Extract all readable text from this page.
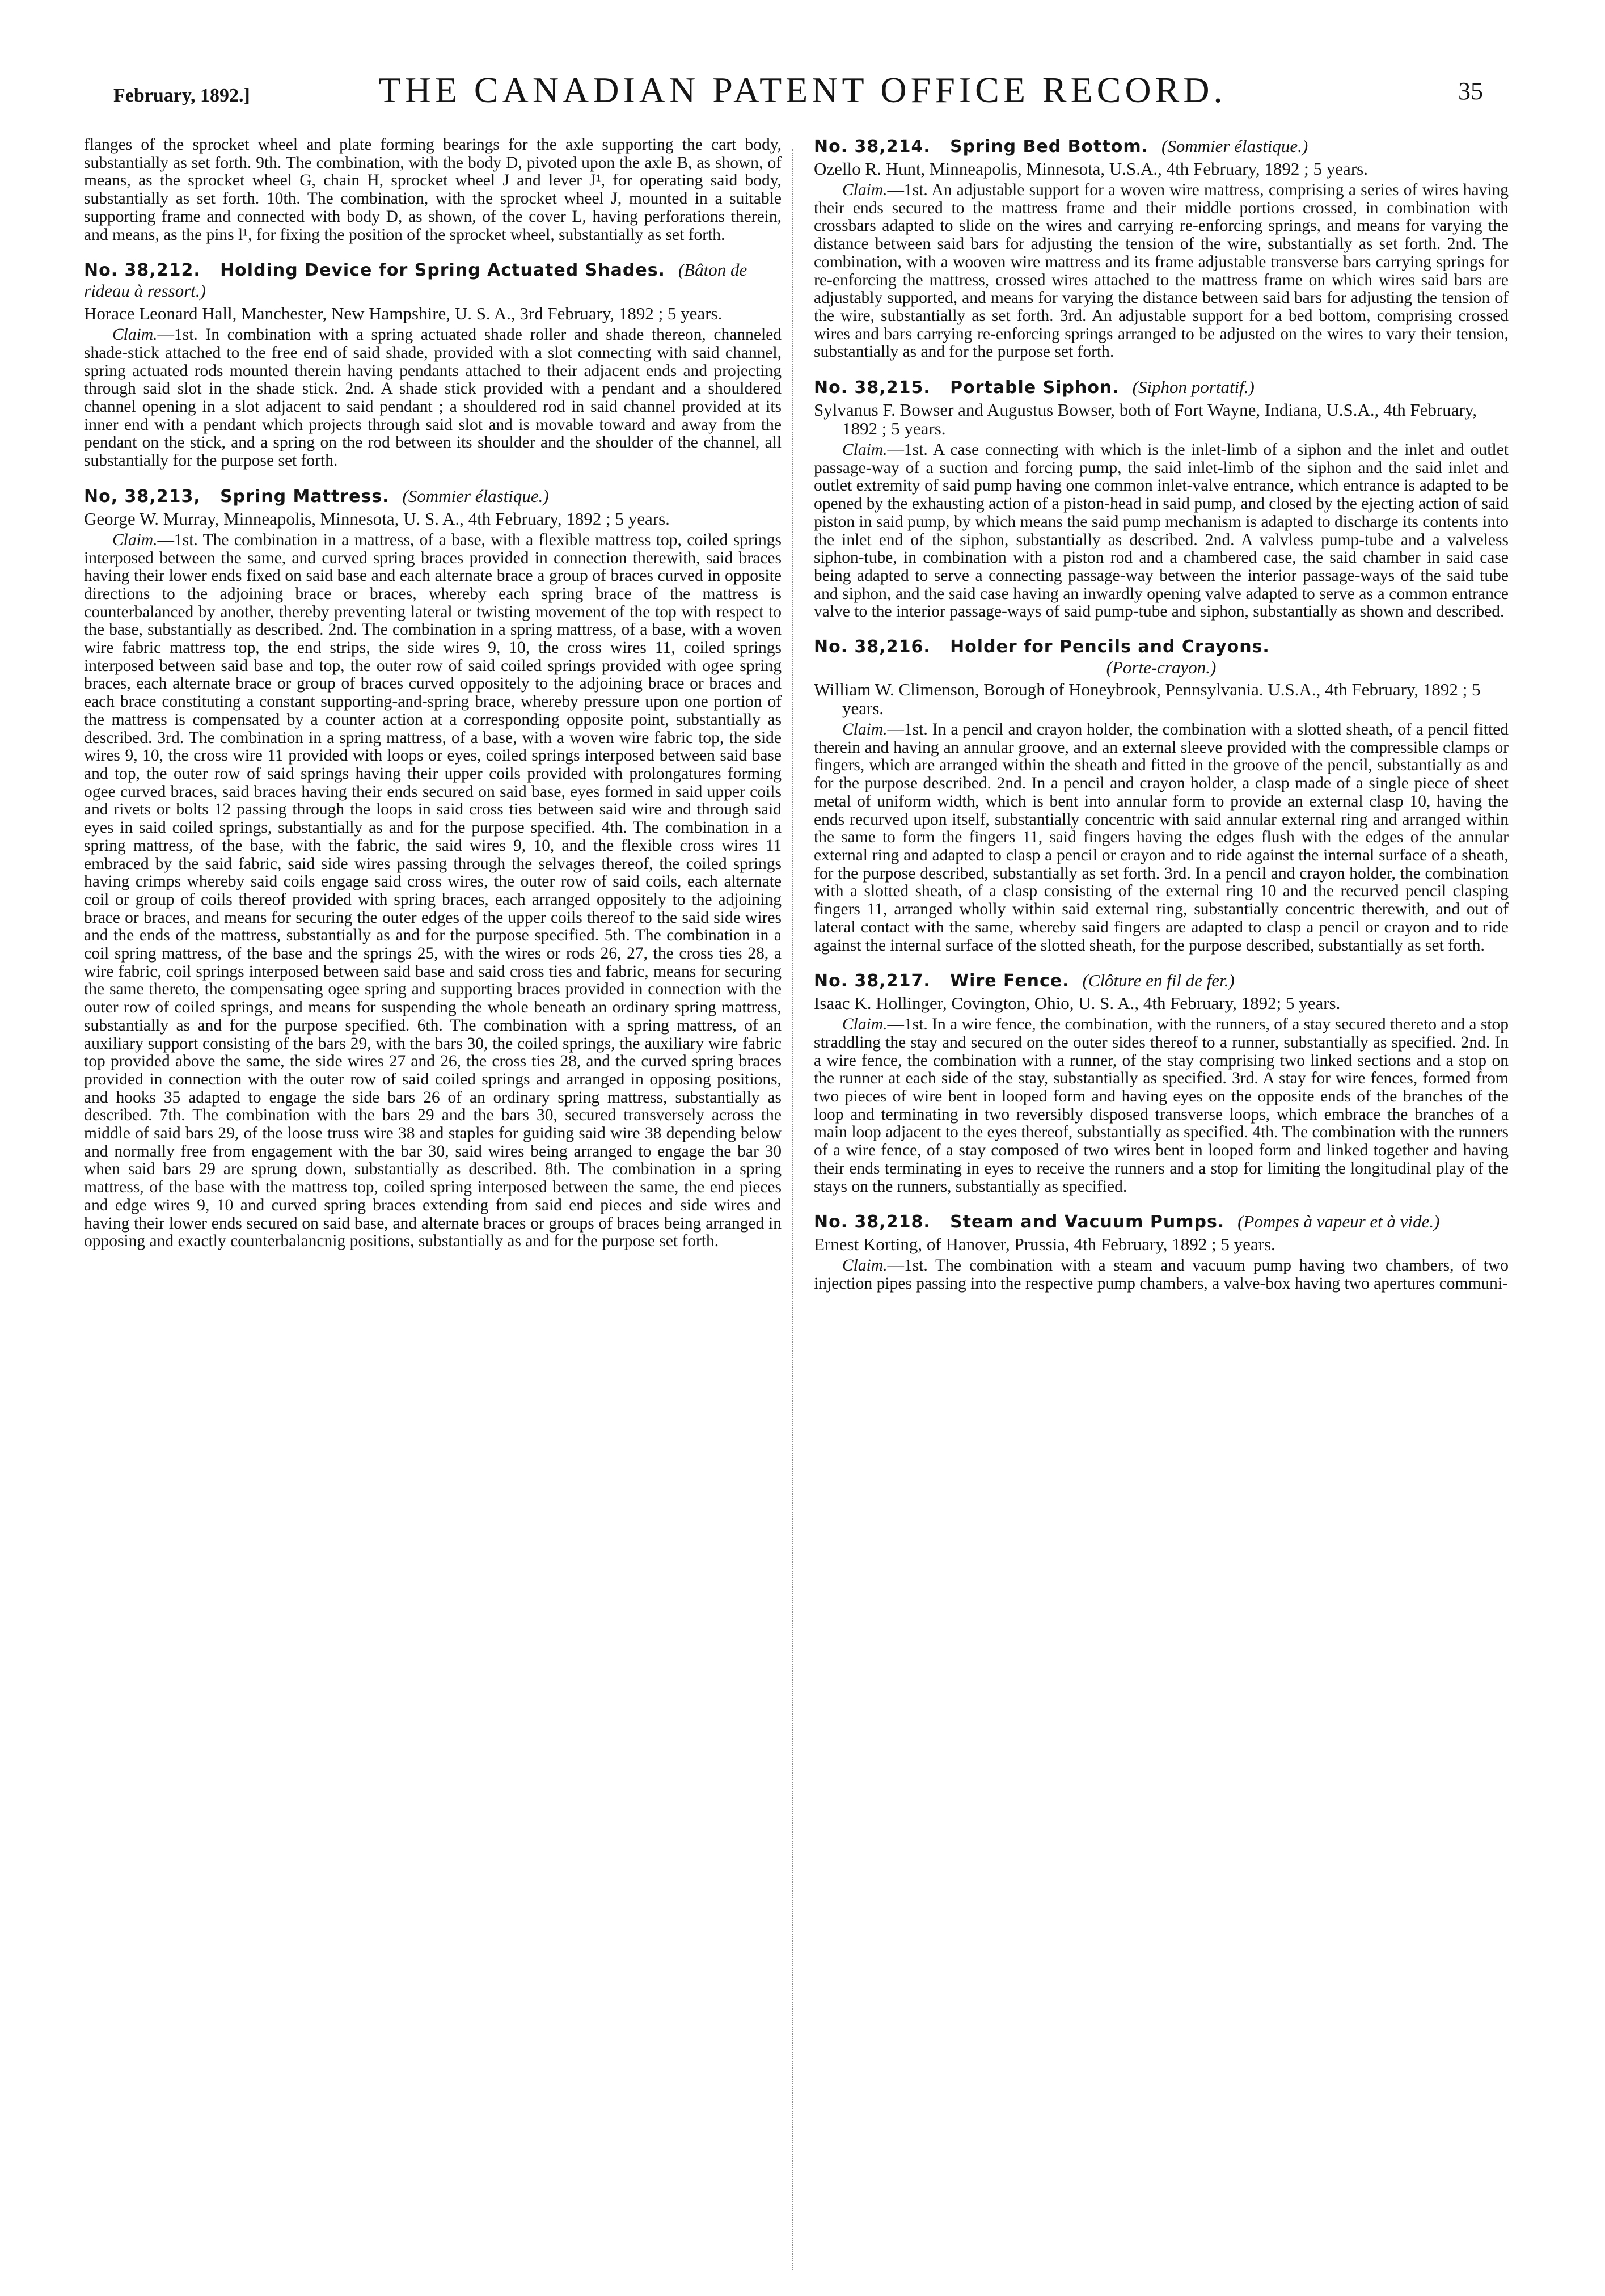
February, 1892.]	THE CANADIAN PATENT OFFICE RECORD.	35

flanges of the sprocket wheel and plate forming bearings for the axle supporting the cart body, substantially as set forth. 9th. The combination, with the body D, pivoted upon the axle B, as shown, of means, as the sprocket wheel G, chain H, sprocket wheel J and lever J¹, for operating said body, substantially as set forth. 10th. The combination, with the sprocket wheel J, mounted in a suitable supporting frame and connected with body D, as shown, of the cover L, having perforations therein, and means, as the pins l¹, for fixing the position of the sprocket wheel, substantially as set forth.

No. 38,212. Holding Device for Spring Actuated Shades. (Bâton de rideau à ressort.)

Horace Leonard Hall, Manchester, New Hampshire, U. S. A., 3rd February, 1892 ; 5 years.

Claim.—1st. In combination with a spring actuated shade roller and shade thereon, channeled shade-stick attached to the free end of said shade, provided with a slot connecting with said channel, spring actuated rods mounted therein having pendants attached to their adjacent ends and projecting through said slot in the shade stick. 2nd. A shade stick provided with a pendant and a shouldered channel opening in a slot adjacent to said pendant ; a shouldered rod in said channel provided at its inner end with a pendant which projects through said slot and is movable toward and away from the pendant on the stick, and a spring on the rod between its shoulder and the shoulder of the channel, all substantially for the purpose set forth.

No, 38,213, Spring Mattress. (Sommier élastique.)

George W. Murray, Minneapolis, Minnesota, U. S. A., 4th February, 1892 ; 5 years.

Claim.—1st. The combination in a mattress, of a base, with a flexible mattress top, coiled springs interposed between the same, and curved spring braces provided in connection therewith, said braces having their lower ends fixed on said base and each alternate brace a group of braces curved in opposite directions to the adjoining brace or braces, whereby each spring brace of the mattress is counterbalanced by another, thereby preventing lateral or twisting movement of the top with respect to the base, substantially as described. 2nd. The combination in a spring mattress, of a base, with a woven wire fabric mattress top, the end strips, the side wires 9, 10, the cross wires 11, coiled springs interposed between said base and top, the outer row of said coiled springs provided with ogee spring braces, each alternate brace or group of braces curved oppositely to the adjoining brace or braces and each brace constituting a constant supporting-and-spring brace, whereby pressure upon one portion of the mattress is compensated by a counter action at a corresponding opposite point, substantially as described. 3rd. The combination in a spring mattress, of a base, with a woven wire fabric top, the side wires 9, 10, the cross wire 11 provided with loops or eyes, coiled springs interposed between said base and top, the outer row of said springs having their upper coils provided with prolongatures forming ogee curved braces, said braces having their ends secured on said base, eyes formed in said upper coils and rivets or bolts 12 passing through the loops in said cross ties between said wire and through said eyes in said coiled springs, substantially as and for the purpose specified. 4th. The combination in a spring mattress, of the base, with the fabric, the said wires 9, 10, and the flexible cross wires 11 embraced by the said fabric, said side wires passing through the selvages thereof, the coiled springs having crimps whereby said coils engage said cross wires, the outer row of said coils, each alternate coil or group of coils thereof provided with spring braces, each arranged oppositely to the adjoining brace or braces, and means for securing the outer edges of the upper coils thereof to the said side wires and the ends of the mattress, substantially as and for the purpose specified. 5th. The combination in a coil spring mattress, of the base and the springs 25, with the wires or rods 26, 27, the cross ties 28, a wire fabric, coil springs interposed between said base and said cross ties and fabric, means for securing the same thereto, the compensating ogee spring and supporting braces provided in connection with the outer row of coiled springs, and means for suspending the whole beneath an ordinary spring mattress, substantially as and for the purpose specified. 6th. The combination with a spring mattress, of an auxiliary support consisting of the bars 29, with the bars 30, the coiled springs, the auxiliary wire fabric top provided above the same, the side wires 27 and 26, the cross ties 28, and the curved spring braces provided in connection with the outer row of said coiled springs and arranged in opposing positions, and hooks 35 adapted to engage the side bars 26 of an ordinary spring mattress, substantially as described. 7th. The combination with the bars 29 and the bars 30, secured transversely across the middle of said bars 29, of the loose truss wire 38 and staples for guiding said wire 38 depending below and normally free from engagement with the bar 30, said wires being arranged to engage the bar 30 when said bars 29 are sprung down, substantially as described. 8th. The combination in a spring mattress, of the base with the mattress top, coiled spring interposed between the same, the end pieces and edge wires 9, 10 and curved spring braces extending from said end pieces and side wires and having their lower ends secured on said base, and alternate braces or groups of braces being arranged in opposing and exactly counterbalancnig positions, substantially as and for the purpose set forth.

No. 38,214. Spring Bed Bottom. (Sommier élastique.)

Ozello R. Hunt, Minneapolis, Minnesota, U.S.A., 4th February, 1892 ; 5 years.

Claim.—1st. An adjustable support for a woven wire mattress, comprising a series of wires having their ends secured to the mattress frame and their middle portions crossed, in combination with crossbars adapted to slide on the wires and carrying re-enforcing springs, and means for varying the distance between said bars for adjusting the tension of the wire, substantially as set forth. 2nd. The combination, with a wooven wire mattress and its frame adjustable transverse bars carrying springs for re-enforcing the mattress, crossed wires attached to the mattress frame on which wires said bars are adjustably supported, and means for varying the distance between said bars for adjusting the tension of the wire, substantially as set forth. 3rd. An adjustable support for a bed bottom, comprising crossed wires and bars carrying re-enforcing springs arranged to be adjusted on the wires to vary their tension, substantially as and for the purpose set forth.

No. 38,215. Portable Siphon. (Siphon portatif.)

Sylvanus F. Bowser and Augustus Bowser, both of Fort Wayne, Indiana, U.S.A., 4th February, 1892 ; 5 years.

Claim.—1st. A case connecting with which is the inlet-limb of a siphon and the inlet and outlet passage-way of a suction and forcing pump, the said inlet-limb of the siphon and the said inlet and outlet extremity of said pump having one common inlet-valve entrance, which entrance is adapted to be opened by the exhausting action of a piston-head in said pump, and closed by the ejecting action of said piston in said pump, by which means the said pump mechanism is adapted to discharge its contents into the inlet end of the siphon, substantially as described. 2nd. A valvless pump-tube and a valveless siphon-tube, in combination with a piston rod and a chambered case, the said chamber in said case being adapted to serve a connecting passage-way between the interior passage-ways of the said tube and siphon, and the said case having an inwardly opening valve adapted to serve as a common entrance valve to the interior passage-ways of said pump-tube and siphon, substantially as shown and described.

No. 38,216. Holder for Pencils and Crayons.
(Porte-crayon.)

William W. Climenson, Borough of Honeybrook, Pennsylvania. U.S.A., 4th February, 1892 ; 5 years.

Claim.—1st. In a pencil and crayon holder, the combination with a slotted sheath, of a pencil fitted therein and having an annular groove, and an external sleeve provided with the compressible clamps or fingers, which are arranged within the sheath and fitted in the groove of the pencil, substantially as and for the purpose described. 2nd. In a pencil and crayon holder, a clasp made of a single piece of sheet metal of uniform width, which is bent into annular form to provide an external clasp 10, having the ends recurved upon itself, substantially concentric with said annular external ring and arranged within the same to form the fingers 11, said fingers having the edges flush with the edges of the annular external ring and adapted to clasp a pencil or crayon and to ride against the internal surface of a sheath, for the purpose described, substantially as set forth. 3rd. In a pencil and crayon holder, the combination with a slotted sheath, of a clasp consisting of the external ring 10 and the recurved pencil clasping fingers 11, arranged wholly within said external ring, substantially concentric therewith, and out of lateral contact with the same, whereby said fingers are adapted to clasp a pencil or crayon and to ride against the internal surface of the slotted sheath, for the purpose described, substantially as set forth.

No. 38,217. Wire Fence. (Clôture en fil de fer.)

Isaac K. Hollinger, Covington, Ohio, U. S. A., 4th February, 1892; 5 years.

Claim.—1st. In a wire fence, the combination, with the runners, of a stay secured thereto and a stop straddling the stay and secured on the outer sides thereof to a runner, substantially as specified. 2nd. In a wire fence, the combination with a runner, of the stay comprising two linked sections and a stop on the runner at each side of the stay, substantially as specified. 3rd. A stay for wire fences, formed from two pieces of wire bent in looped form and having eyes on the opposite ends of the branches of the loop and terminating in two reversibly disposed transverse loops, which embrace the branches of a main loop adjacent to the eyes thereof, substantially as specified. 4th. The combination with the runners of a wire fence, of a stay composed of two wires bent in looped form and linked together and having their ends terminating in eyes to receive the runners and a stop for limiting the longitudinal play of the stays on the runners, substantially as specified.

No. 38,218. Steam and Vacuum Pumps. (Pompes à vapeur et à vide.)

Ernest Korting, of Hanover, Prussia, 4th February, 1892 ; 5 years.

Claim.—1st. The combination with a steam and vacuum pump having two chambers, of two injection pipes passing into the respective pump chambers, a valve-box having two apertures communi-
